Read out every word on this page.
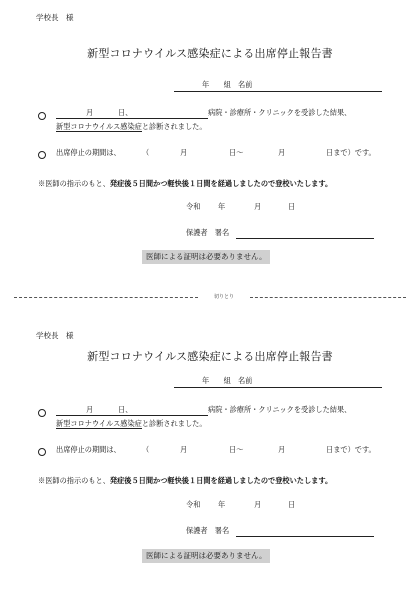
学校長　様
新型コロナウイルス感染症による出席停止報告書
年　　組　名前
月	日、	病院・診療所・クリニックを受診した結果、
新型コロナウイルス感染症と診断されました。
出席停止の期間は、	（	月	日〜	月	日まで）です。
※医師の指示のもと、発症後５日間かつ軽快後１日間を経過しましたので登校いたします。
令和 年	月	日
保護者　署名
医師による証明は必要ありません。
切りとり
学校長　様
新型コロナウイルス感染症による出席停止報告書
年　　組　名前
月	日、	病院・診療所・クリニックを受診した結果、
新型コロナウイルス感染症と診断されました。
出席停止の期間は、	（	月	日〜	月	日まで）です。
※医師の指示のもと、発症後５日間かつ軽快後１日間を経過しましたので登校いたします。
令和 年	月	日
保護者　署名
医師による証明は必要ありません。
